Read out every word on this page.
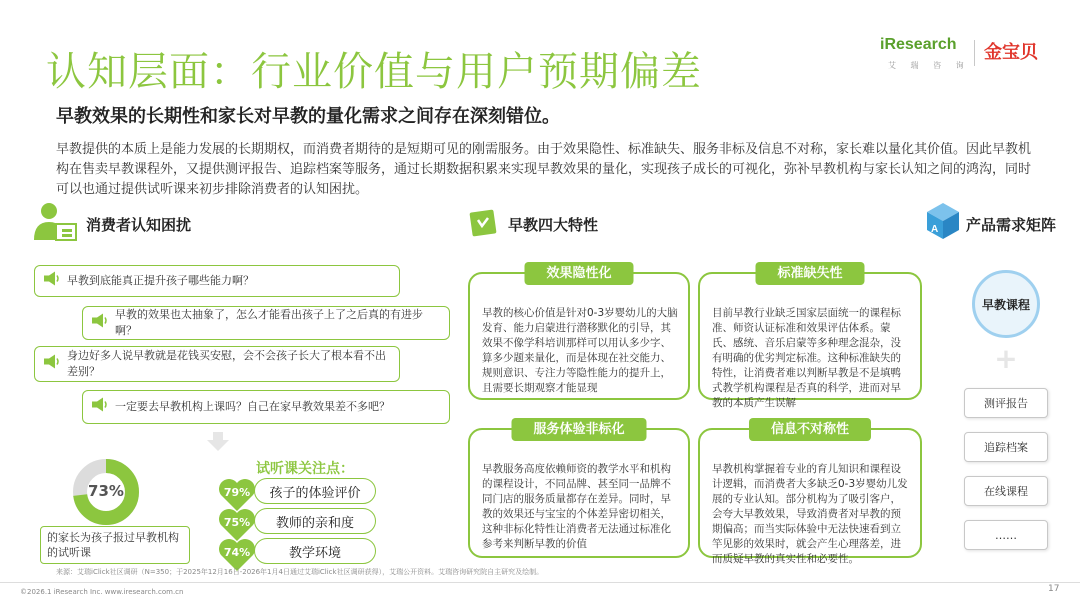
认知层面：行业价值与用户预期偏差
早教效果的长期性和家长对早教的量化需求之间存在深刻错位。
早教提供的本质上是能力发展的长期期权，而消费者期待的是短期可见的刚需服务。由于效果隐性、标准缺失、服务非标及信息不对称，家长难以量化其价值。因此早教机构在售卖早教课程外，又提供测评报告、追踪档案等服务，通过长期数据积累来实现早教效果的量化，实现孩子成长的可视化，弥补早教机构与家长认知之间的鸿沟，同时可以也通过提供试听课来初步排除消费者的认知困扰。
iResearch
艾 瑞 咨 询
金宝贝
消费者认知困扰
早教到底能真正提升孩子哪些能力啊？
早教的效果也太抽象了，怎么才能看出孩子上了之后真的有进步啊？
身边好多人说早教就是花钱买安慰，会不会孩子长大了根本看不出差别？
一定要去早教机构上课吗？自己在家早教效果差不多吧？
73%
的家长为孩子报过早教机构的试听课
试听课关注点：
79%	孩子的体验评价
75%	教师的亲和度
74%	教学环境
早教四大特性
效果隐性化
早教的核心价值是针对0-3岁婴幼儿的大脑发育、能力启蒙进行潜移默化的引导，其效果不像学科培训那样可以用认多少字、算多少题来量化，而是体现在社交能力、规则意识、专注力等隐性能力的提升上，且需要长期观察才能显现
标准缺失性
目前早教行业缺乏国家层面统一的课程标准、师资认证标准和效果评估体系。蒙氏、感统、音乐启蒙等多种理念混杂，没有明确的优劣判定标准。这种标准缺失的特性，让消费者难以判断早教是不是填鸭式教学机构课程是否真的科学，进而对早教的本质产生误解
服务体验非标化
早教服务高度依赖师资的教学水平和机构的课程设计，不同品牌、甚至同一品牌不同门店的服务质量都存在差异。同时，早教的效果还与宝宝的个体差异密切相关，这种非标化特性让消费者无法通过标准化参考来判断早教的价值
信息不对称性
早教机构掌握着专业的育儿知识和课程设计逻辑，而消费者大多缺乏0-3岁婴幼儿发展的专业认知。部分机构为了吸引客户，会夸大早教效果，导致消费者对早教的预期偏高；而当实际体验中无法快速看到立竿见影的效果时，就会产生心理落差，进而质疑早教的真实性和必要性。
A 产品需求矩阵
早教课程
+
测评报告
追踪档案
在线课程
……
来源：艾瑞iClick社区调研（N=350；于2025年12月16日-2026年1月4日通过艾瑞iClick社区调研获得），艾瑞公开资料。艾瑞咨询研究院自主研究及绘制。
©2026.1 iResearch Inc. www.iresearch.com.cn	17
